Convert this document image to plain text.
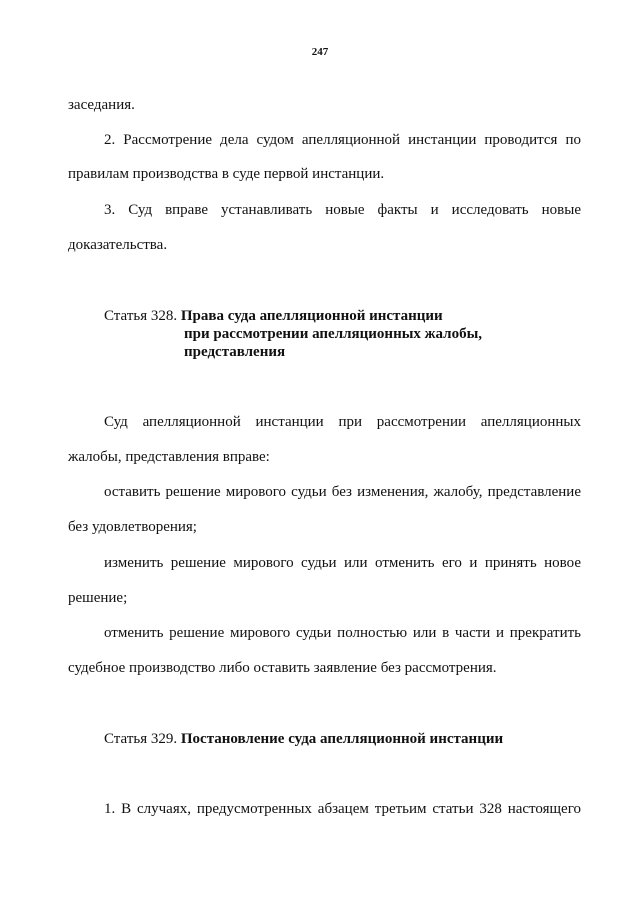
247
заседания.
2. Рассмотрение дела судом апелляционной инстанции проводится по
правилам производства в суде первой инстанции.
3. Суд вправе устанавливать новые факты и исследовать новые
доказательства.
Статья 328. Права суда апелляционной инстанции
при рассмотрении апелляционных жалобы,
представления
Суд апелляционной инстанции при рассмотрении апелляционных
жалобы, представления вправе:
оставить решение мирового судьи без изменения, жалобу, представление
без удовлетворения;
изменить решение мирового судьи или отменить его и принять новое
решение;
отменить решение мирового судьи полностью или в части и прекратить
судебное производство либо оставить заявление без рассмотрения.
Статья 329. Постановление суда апелляционной инстанции
1. В случаях, предусмотренных абзацем третьим статьи 328 настоящего
